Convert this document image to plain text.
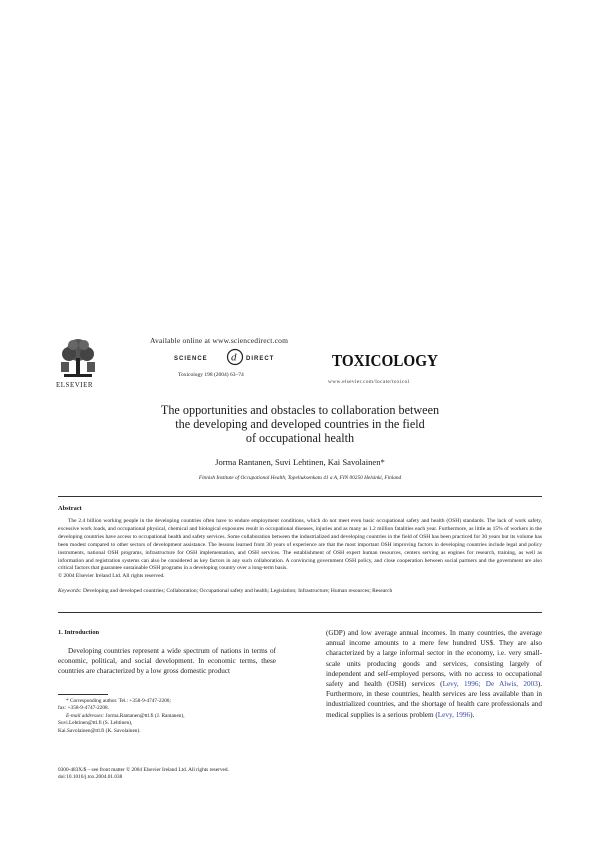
ELSEVIER
Available online at www.sciencedirect.com
SCIENCE d DIRECT
Toxicology 198 (2004) 63–74
TOXICOLOGY
www.elsevier.com/locate/toxicol
The opportunities and obstacles to collaboration between
the developing and developed countries in the field
of occupational health
Jorma Rantanen, Suvi Lehtinen, Kai Savolainen*
Finnish Institute of Occupational Health, Topeliuksenkatu 41 a A, FIN 00250 Helsinki, Finland
Abstract

The 2.4 billion working people in the developing countries often have to endure employment conditions, which do not meet even basic occupational safety and health (OSH) standards. The lack of work safety, excessive work loads, and occupational physical, chemical and biological exposures result in occupational diseases, injuries and as many as 1.2 million fatalities each year. Furthermore, as little as 15% of workers in the developing countries have access to occupational health and safety services. Some collaboration between the industrialized and developing countries in the field of OSH has been practiced for 30 years but its volume has been modest compared to other sectors of development assistance. The lessons learned from 30 years of experience are that the most important OSH improving factors in developing countries include legal and policy instruments, national OSH programs, infrastructure for OSH implementation, and OSH services. The establishment of OSH expert human resources, centers serving as engines for research, training, as well as information and registration systems can also be considered as key factors in any such collaboration. A convincing government OSH policy, and close cooperation between social partners and the government are also critical factors that guarantee sustainable OSH programs in a developing country over a long-term basis.

© 2004 Elsevier Ireland Ltd. All rights reserved.

Keywords: Developing and developed countries; Collaboration; Occupational safety and health; Legislation; Infrastructure; Human resources; Research
1. Introduction
Developing countries represent a wide spectrum of nations in terms of economic, political, and social development. In economic terms, these countries are characterized by a low gross domestic product
(GDP) and low average annual incomes. In many countries, the average annual income amounts to a mere few hundred US$. They are also characterized by a large informal sector in the economy, i.e. very small-scale units producing goods and services, consisting largely of independent and self-employed persons, with no access to occupational safety and health (OSH) services (Levy, 1996; De Alwis, 2003). Furthermore, in these countries, health services are less available than in industrialized countries, and the shortage of health care professionals and medical supplies is a serious problem (Levy, 1996).
* Corresponding author. Tel.: +358-9-4747-2200;
fax: +358-9-4747-2208.
E-mail addresses: Jorma.Rantanen@ttl.fi (J. Rantanen),
Suvi.Lehtinen@ttl.fi (S. Lehtinen),
Kai.Savolainen@ttl.fi (K. Savolainen).
0300-483X/$ – see front matter © 2004 Elsevier Ireland Ltd. All rights reserved.
doi:10.1016/j.tox.2004.01.038
